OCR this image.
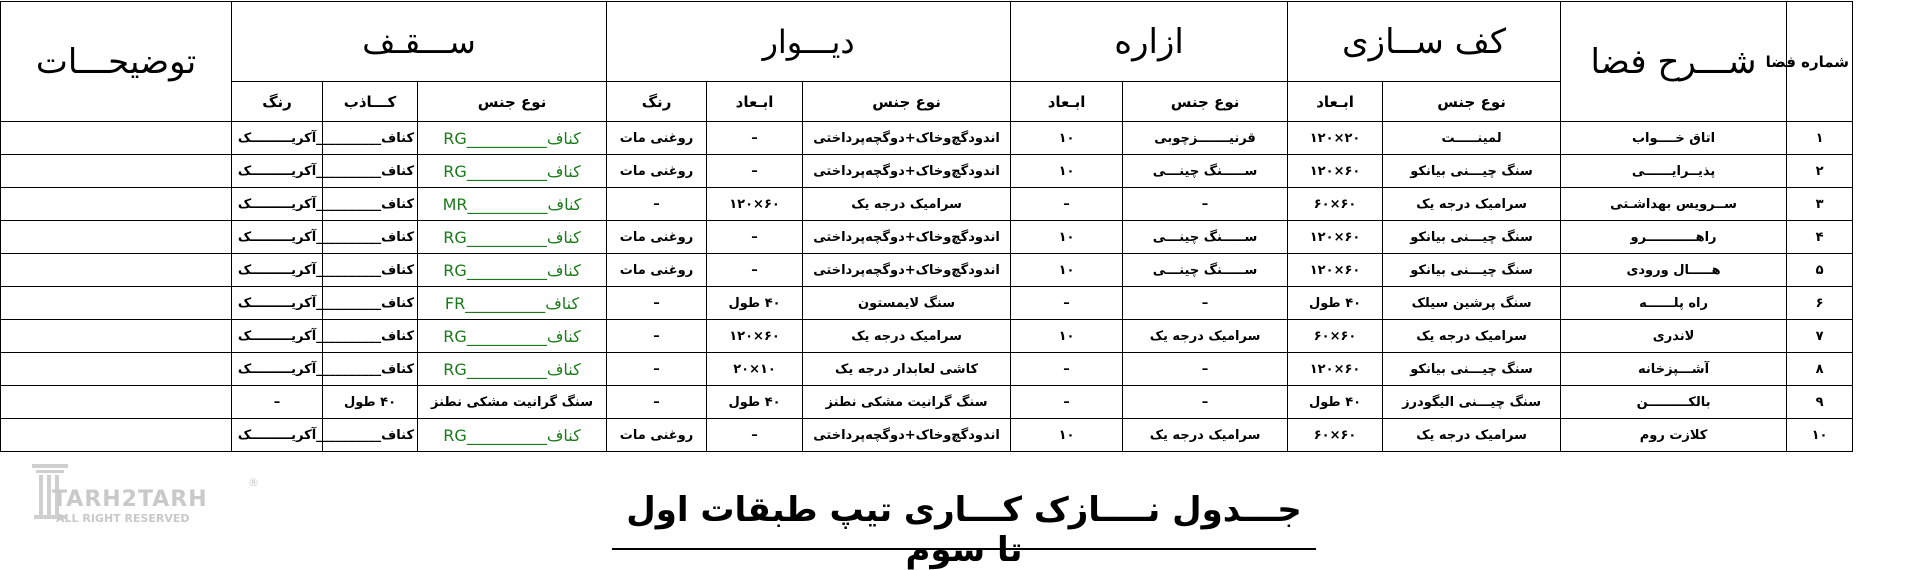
شماره فضا	شـــرح فضا	کف ســازی		ازاره		دیـــوار			ســـقـف			توضیحـــات
		نوع جنس	ابـعاد	نوع جنس	ابـعاد	نوع جنس	ابـعاد	رنگ	نوع جنس	کـــاذب	رنگ	
۱	اتاق خــــواب	لمینـــــت	۲۰×۱۲۰	قرنیـــــــزچوبی	۱۰	اندودگچ‌وخاک+دوگچه‌پرداختی	–	روغنی مات	کناف__________RG	کناف__________	آکریـــــــــک	
۲	پذیــرایــــــی	سنگ چیـــنی بیانکو	۶۰×۱۲۰	ســـــنگ چینـــی	۱۰	اندودگچ‌وخاک+دوگچه‌پرداختی	–	روغنی مات	کناف__________RG	کناف__________	آکریـــــــــک	
۳	ســرویس بهداشـتی	سرامیک درجه یک	۶۰×۶۰	–	–	سرامیک درجه یک	۶۰×۱۲۰	–	کناف__________MR	کناف__________	آکریـــــــــک	
۴	راهـــــــــــرو	سنگ چیـــنی بیانکو	۶۰×۱۲۰	ســـــنگ چینـــی	۱۰	اندودگچ‌وخاک+دوگچه‌پرداختی	–	روغنی مات	کناف__________RG	کناف__________	آکریـــــــــک	
۵	هـــــال ورودی	سنگ چیـــنی بیانکو	۶۰×۱۲۰	ســـــنگ چینـــی	۱۰	اندودگچ‌وخاک+دوگچه‌پرداختی	–	روغنی مات	کناف__________RG	کناف__________	آکریـــــــــک	
۶	راه پلــــــه	سنگ پرشین سیلک	۴۰ طول	–	–	سنگ لایمستون	۴۰ طول	–	کناف__________FR	کناف__________	آکریـــــــــک	
۷	لاندری	سرامیک درجه یک	۶۰×۶۰	سرامیک درجه یک	۱۰	سرامیک درجه یک	۶۰×۱۲۰	–	کناف__________RG	کناف__________	آکریـــــــــک	
۸	آشـــپزخانه	سنگ چیـــنی بیانکو	۶۰×۱۲۰	–	–	کاشی لعابدار درجه یک	۱۰×۲۰	–	کناف__________RG	کناف__________	آکریـــــــــک	
۹	بالکـــــــــن	سنگ چیـــنی الیگودرز	۴۰ طول	–	–	سنگ گرانیت مشکی نطنز	۴۰ طول	–	سنگ گرانیت مشکی نطنز	۴۰ طول	–	
۱۰	کلازت روم	سرامیک درجه یک	۶۰×۶۰	سرامیک درجه یک	۱۰	اندودگچ‌وخاک+دوگچه‌پرداختی	–	روغنی مات	کناف__________RG	کناف__________	آکریـــــــــک	
TARH2TARH
ALL RIGHT RESERVED
®
جـــدول نــــازک کـــاری تیپ طبقات اول تا سوم
